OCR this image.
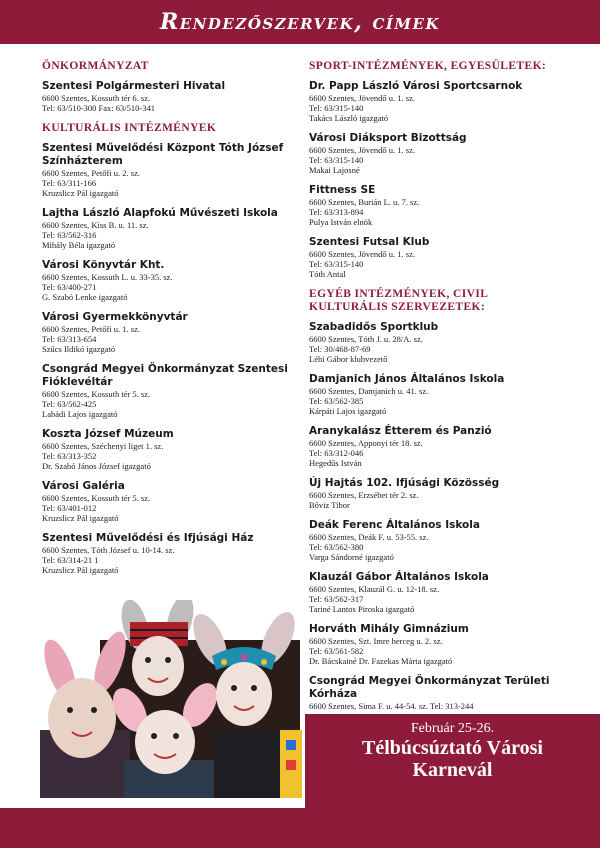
Rendezőszervek, címek
ÖNKORMÁNYZAT
Szentesi Polgármesteri Hivatal
6600 Szentes, Kossuth tér 6. sz.
Tel: 63/510-300 Fax: 63/510-341
KULTURÁLIS INTÉZMÉNYEK
Szentesi Művelődési Központ Tóth József Színházterem
6600 Szentes, Petőfi u. 2. sz.
Tel: 63/311-166
Kruzslicz Pál igazgató
Lajtha László Alapfokú Művészeti Iskola
6600 Szentes, Kiss B. u. 11. sz.
Tel: 63/562-316
Mihály Béla igazgató
Városi Könyvtár Kht.
6600 Szentes, Kossuth L. u. 33-35. sz.
Tel: 63/400-271
G. Szabó Lenke igazgató
Városi Gyermekkönyvtár
6600 Szentes, Petőfi u. 1. sz.
Tel: 63/313-654
Szűcs Ildikó igazgató
Csongrád Megyei Önkormányzat Szentesi Fióklevéltár
6600 Szentes, Kossuth tér 5. sz.
Tel: 63/562-425
Labádi Lajos igazgató
Koszta József Múzeum
6600 Szentes, Széchenyi liget 1. sz.
Tel: 63/313-352
Dr. Szabó János József igazgató
Városi Galéria
6600 Szentes, Kossuth tér 5. sz.
Tel: 63/401-012
Kruzslicz Pál igazgató
Szentesi Művelődési és Ifjúsági Ház
6600 Szentes, Tóth József u. 10-14. sz.
Tel: 63/314-21 1
Kruzslicz Pál igazgató
SPORT-INTÉZMÉNYEK, EGYESÜLETEK:
Dr. Papp László Városi Sportcsarnok
6600 Szentes, Jövendő u. 1. sz.
Tel: 63/315-140
Takács László igazgató
Városi Diáksport Bizottság
6600 Szentes, Jövendő u. 1. sz.
Tel: 63/315-140
Makai Lajosné
Fittness SE
6600 Szentes, Burián L. u. 7. sz.
Tel: 63/313-894
Pulya István elnök
Szentesi Futsal Klub
6600 Szentes, Jövendő u. 1. sz.
Tel: 63/315-140
Tóth Antal
EGYÉB INTÉZMÉNYEK, CIVIL KULTURÁLIS SZERVEZETEK:
Szabadidős Sportklub
6600 Szentes, Tóth J. u. 28/A. sz.
Tel: 30/468-87-69
Léhi Gábor klubvezető
Damjanich János Általános Iskola
6600 Szentes, Damjanich u. 41. sz.
Tel: 63/562-385
Kárpáti Lajos igazgató
Aranykalász Étterem és Panzió
6600 Szentes, Apponyi tér 18. sz.
Tel: 63/312-046
Hegedűs István
Új Hajtás 102. Ifjúsági Közösség
6600 Szentes, Erzsébet tér 2. sz.
Bőviz Tibor
Deák Ferenc Általános Iskola
6600 Szentes, Deák F. u. 53-55. sz.
Tel: 63/562-380
Varga Sándorné igazgató
Klauzál Gábor Általános Iskola
6600 Szentes, Klauzál G. u. 12-18. sz.
Tel: 63/562-317
Tariné Lantos Piroska igazgató
Horváth Mihály Gimnázium
6600 Szentes, Szt. Imre herceg u. 2. sz.
Tel: 63/561-582
Dr. Bácskainé Dr. Fazekas Márta igazgató
Csongrád Megyei Önkormányzat Területi Kórháza
6600 Szentes, Sima F. u. 44-54. sz. Tel: 313-244
Február 25-26.
Télbúcsúztató Városi
Karnevál
